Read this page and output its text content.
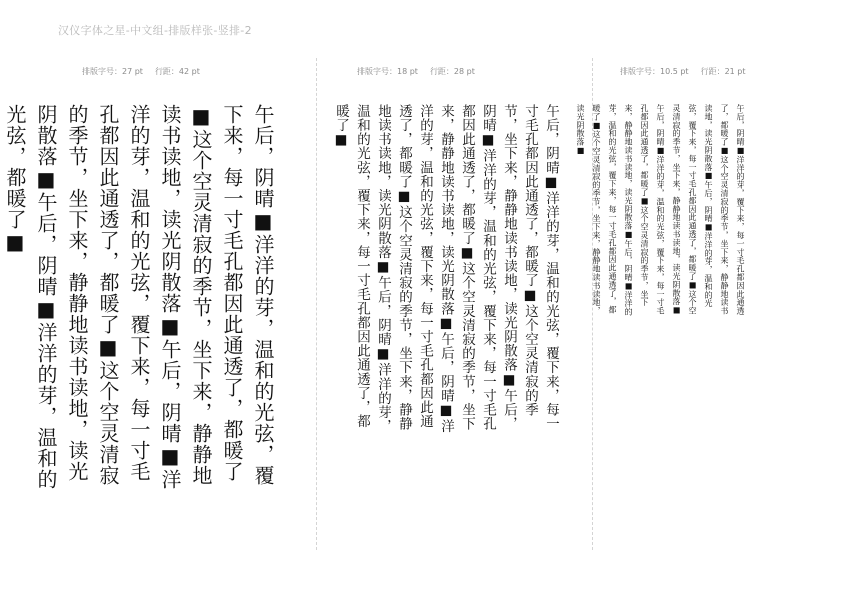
汉仪字体之星-中文组-排版样张-竖排-2
排版字号：27 pt 行距：42 pt	排版字号：18 pt 行距：28 pt	排版字号：10.5 pt 行距：21 pt
午后，阴晴■洋洋的芽，温和的光弦，覆下来，每一寸毛孔都因此通透了，都暖了■这个空灵清寂的季节，坐下来，静静地读书读地，读光阴散落■午后，阴晴■洋洋的芽，温和的光弦，覆下来，每一寸毛孔都因此通透了，都暖了■这个空灵清寂的季节，坐下来，静静地读书读地，读光阴散落■午后，阴晴■洋洋的芽，温和的光弦，都暖了■	午后，阴晴■洋洋的芽，温和的光弦，覆下来，每一寸毛孔都因此通透了，都暖了■这个空灵清寂的季节，坐下来，静静地读书读地，读光阴散落■午后，阴晴■洋洋的芽，温和的光弦，覆下来，每一寸毛孔都因此通透了，都暖了■这个空灵清寂的季节，坐下来，静静地读书读地，读光阴散落■午后，阴晴■洋洋的芽，温和的光弦，覆下来，每一寸毛孔都因此通透了，都暖了■这个空灵清寂的季节，坐下来，静静地读书读地，读光阴散落■午后，阴晴■洋洋的芽，温和的光弦，覆下来，每一寸毛孔都因此通透了，都暖了■	午后，阴晴■洋洋的芽，覆下来，每一寸毛孔都因此通透了，都暖了■这个空灵清寂的季节，坐下来，静静地读书读地，读光阴散落■午后，阴晴■洋洋的芽，温和的光弦，覆下来，每一寸毛孔都因此通透了，都暖了■这个空灵清寂的季节，坐下来，静静地读书读地，读光阴散落■午后，阴晴■洋洋的芽，温和的光弦，覆下来，每一寸毛孔都因此通透了，都暖了■这个空灵清寂的季节，坐下来，静静地读书读地，读光阴散落■午后，阴晴■洋洋的芽，温和的光弦，覆下来，每一寸毛孔都因此通透了，都暖了■这个空灵清寂的季节，坐下来，静静地读书读地，读光阴散落■
